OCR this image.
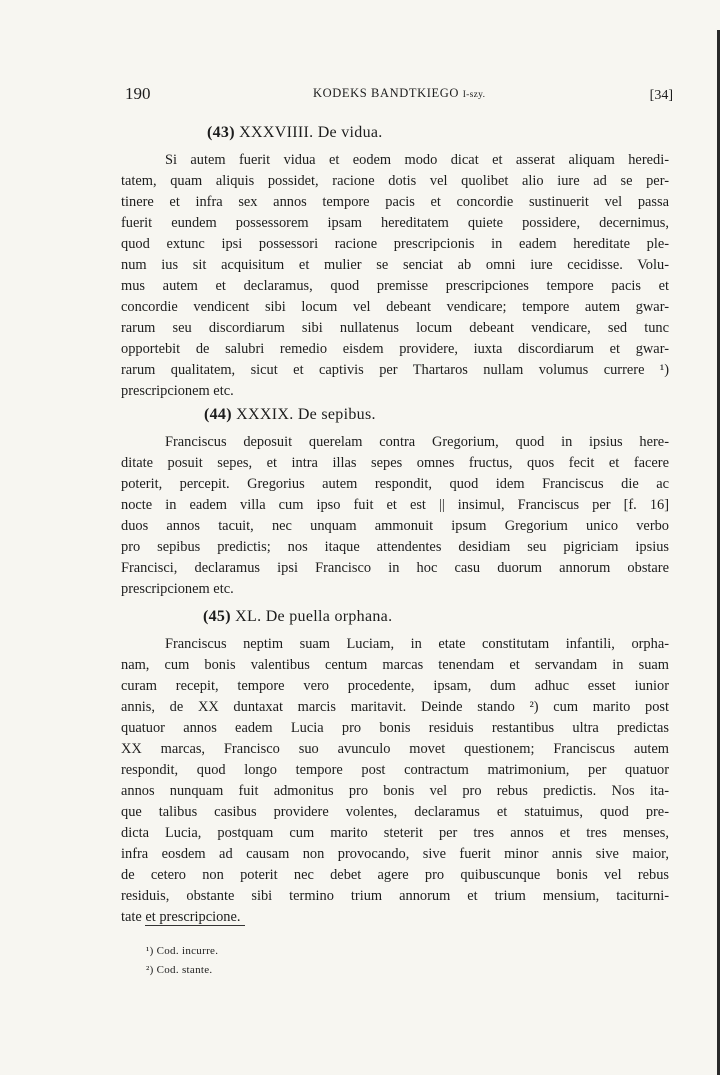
190	KODEKS BANDTKIEGO I-szy.	[34]
(43) XXXVIIII. De vidua.
Si autem fuerit vidua et eodem modo dicat et asserat aliquam heredi-
tatem, quam aliquis possidet, racione dotis vel quolibet alio iure ad se per-
tinere et infra sex annos tempore pacis et concordie sustinuerit vel passa
fuerit eundem possessorem ipsam hereditatem quiete possidere, decernimus,
quod extunc ipsi possessori racione prescripcionis in eadem hereditate ple-
num ius sit acquisitum et mulier se senciat ab omni iure cecidisse. Volu-
mus autem et declaramus, quod premisse prescripciones tempore pacis et
concordie vendicent sibi locum vel debeant vendicare; tempore autem gwar-
rarum seu discordiarum sibi nullatenus locum debeant vendicare, sed tunc
opportebit de salubri remedio eisdem providere, iuxta discordiarum et gwar-
rarum qualitatem, sicut et captivis per Thartaros nullam volumus currere ¹)
prescripcionem etc.
(44) XXXIX. De sepibus.
Franciscus deposuit querelam contra Gregorium, quod in ipsius here-
ditate posuit sepes, et intra illas sepes omnes fructus, quos fecit et facere
poterit, percepit. Gregorius autem respondit, quod idem Franciscus die ac
nocte in eadem villa cum ipso fuit et est || insimul, Franciscus per [f. 16]
duos annos tacuit, nec unquam ammonuit ipsum Gregorium unico verbo
pro sepibus predictis; nos itaque attendentes desidiam seu pigriciam ipsius
Francisci, declaramus ipsi Francisco in hoc casu duorum annorum obstare
prescripcionem etc.
(45) XL. De puella orphana.
Franciscus neptim suam Luciam, in etate constitutam infantili, orpha-
nam, cum bonis valentibus centum marcas tenendam et servandam in suam
curam recepit, tempore vero procedente, ipsam, dum adhuc esset iunior
annis, de XX duntaxat marcis maritavit. Deinde stando ²) cum marito post
quatuor annos eadem Lucia pro bonis residuis restantibus ultra predictas
XX marcas, Francisco suo avunculo movet questionem; Franciscus autem
respondit, quod longo tempore post contractum matrimonium, per quatuor
annos nunquam fuit admonitus pro bonis vel pro rebus predictis. Nos ita-
que talibus casibus providere volentes, declaramus et statuimus, quod pre-
dicta Lucia, postquam cum marito steterit per tres annos et tres menses,
infra eosdem ad causam non provocando, sive fuerit minor annis sive maior,
de cetero non poterit nec debet agere pro quibuscunque bonis vel rebus
residuis, obstante sibi termino trium annorum et trium mensium, taciturni-
tate et prescripcione.
¹) Cod. incurre.
²) Cod. stante.
